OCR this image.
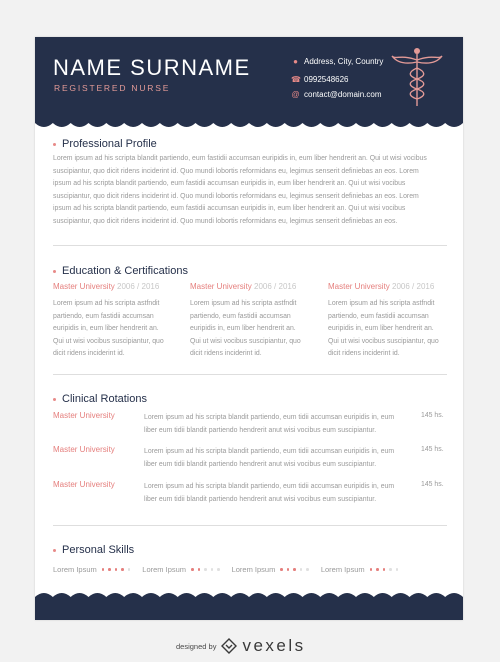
NAME SURNAME
REGISTERED NURSE
● Address, City, Country
☎ 0992548626
@ contact@domain.com
Professional Profile
Lorem ipsum ad his scripta blandit partiendo, eum fastidii accumsan euripidis in, eum liber hendrerit an. Qui ut wisi vocibus
suscipiantur, quo dicit ridens inciderint id. Quo mundi lobortis reformidans eu, legimus senserit definiebas an eos. Lorem
ipsum ad his scripta blandit partiendo, eum fastidii accumsan euripidis in, eum liber hendrerit an. Qui ut wisi vocibus
suscipiantur, quo dicit ridens inciderint id. Quo mundi lobortis reformidans eu, legimus senserit definiebas an eos. Lorem
ipsum ad his scripta blandit partiendo, eum fastidii accumsan euripidis in, eum liber hendrerit an. Qui ut wisi vocibus
suscipiantur, quo dicit ridens inciderint id. Quo mundi lobortis reformidans eu, legimus senserit definiebas an eos.
Education & Certifications
Master University 2006 / 2016
Lorem ipsum ad his scripta astfndit
partiendo, eum fastidii accumsan
euripidis in, eum liber hendrerit an.
Qui ut wisi vocibus suscipiantur, quo
dicit ridens inciderint id.
Master University 2006 / 2016
Lorem ipsum ad his scripta astfndit
partiendo, eum fastidii accumsan
euripidis in, eum liber hendrerit an.
Qui ut wisi vocibus suscipiantur, quo
dicit ridens inciderint id.
Master University 2006 / 2016
Lorem ipsum ad his scripta astfndit
partiendo, eum fastidii accumsan
euripidis in, eum liber hendrerit an.
Qui ut wisi vocibus suscipiantur, quo
dicit ridens inciderint id.
Clinical Rotations
Master University	Lorem ipsum ad his scripta blandit partiendo, eum tidii accumsan euripidis in, eum
liber eum tidii blandit partiendo hendrerit anut wisi vocibus eum suscipiantur.
145 hs.
Master University	Lorem ipsum ad his scripta blandit partiendo, eum tidii accumsan euripidis in, eum
liber eum tidii blandit partiendo hendrerit anut wisi vocibus eum suscipiantur.
145 hs.
Master University	Lorem ipsum ad his scripta blandit partiendo, eum tidii accumsan euripidis in, eum
liber eum tidii blandit partiendo hendrerit anut wisi vocibus eum suscipiantur.
145 hs.
Personal Skills
Lorem Ipsum	Lorem Ipsum	Lorem Ipsum	Lorem Ipsum
designed by vexels
